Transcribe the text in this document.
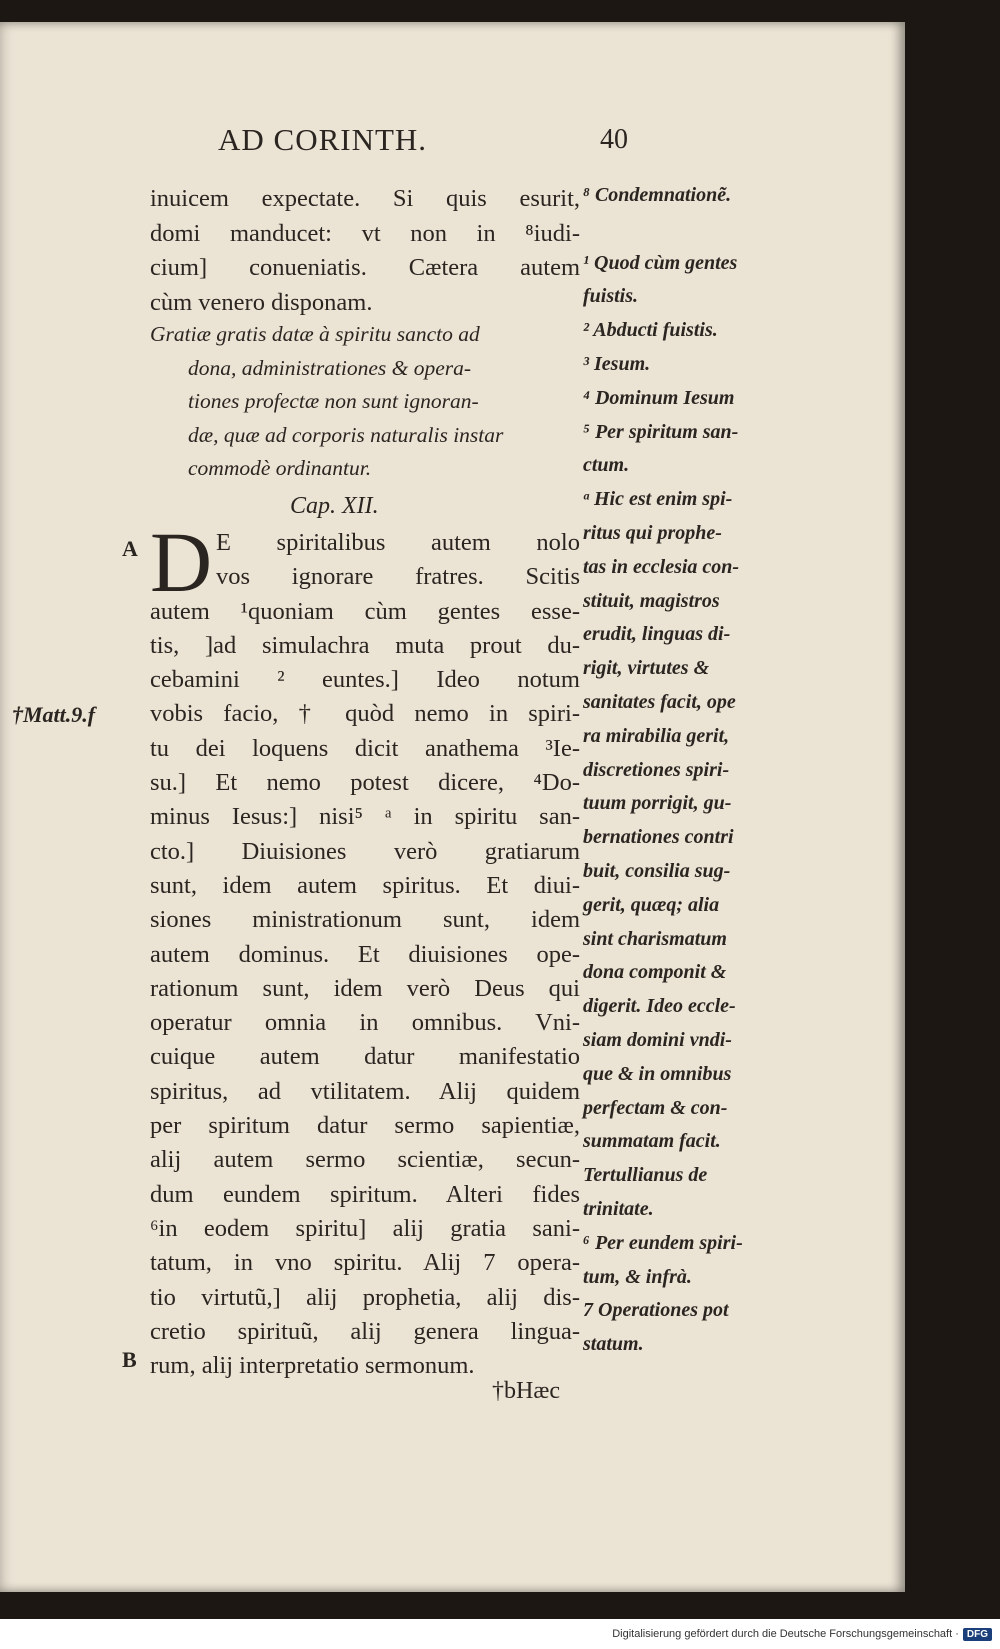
AD CORINTH.	40
inuicem expectate. Si quis esurit,
domi manducet: vt non in ⁸iudi-
cium] conueniatis. Cætera autem
cùm venero disponam.
Gratiæ gratis datæ à spiritu sancto ad
dona, administrationes & opera-
tiones profectæ non sunt ignoran-
dæ, quæ ad corporis naturalis instar
commodè ordinantur.
Cap. XII.
D E spiritalibus autem nolo
vos ignorare fratres. Scitis
autem ¹quoniam cùm gentes esse-
tis, ]ad simulachra muta prout du-
cebamini ² euntes.] Ideo notum
vobis facio, † quòd nemo in spiri-
tu dei loquens dicit anathema ³Ie-
su.] Et nemo potest dicere, ⁴Do-
minus Iesus:] nisi⁵ ᵃ in spiritu san-
cto.] Diuisiones verò gratiarum
sunt, idem autem spiritus. Et diui-
siones ministrationum sunt, idem
autem dominus. Et diuisiones ope-
rationum sunt, idem verò Deus qui
operatur omnia in omnibus. Vni-
cuique autem datur manifestatio
spiritus, ad vtilitatem. Alij quidem
per spiritum datur sermo sapientiæ,
alij autem sermo scientiæ, secun-
dum eundem spiritum. Alteri fides
⁶in eodem spiritu] alij gratia sani-
tatum, in vno spiritu. Alij 7 opera-
tio virtutũ,] alij prophetia, alij dis-
cretio spirituũ, alij genera lingua-
rum, alij interpretatio sermonum.
A
†Matt.9.f
B
⁸ Condemnationẽ.
¹ Quod cùm gentes
fuistis.
² Abducti fuistis.
³ Iesum.
⁴ Dominum Iesum
⁵ Per spiritum san-
ctum.
ᵃ Hic est enim spi-
ritus qui prophe-
tas in ecclesia con-
stituit, magistros
erudit, linguas di-
rigit, virtutes &
sanitates facit, ope
ra mirabilia gerit,
discretiones spiri-
tuum porrigit, gu-
bernationes contri
buit, consilia sug-
gerit, quæq; alia
sint charismatum
dona componit &
digerit. Ideo eccle-
siam domini vndi-
que & in omnibus
perfectam & con-
summatam facit.
Tertullianus de
trinitate.
⁶ Per eundem spiri-
tum, & infrà.
7 Operationes pot
statum.
†bHæc
Digitalisierung gefördert durch die Deutsche Forschungsgemeinschaft · DFG
